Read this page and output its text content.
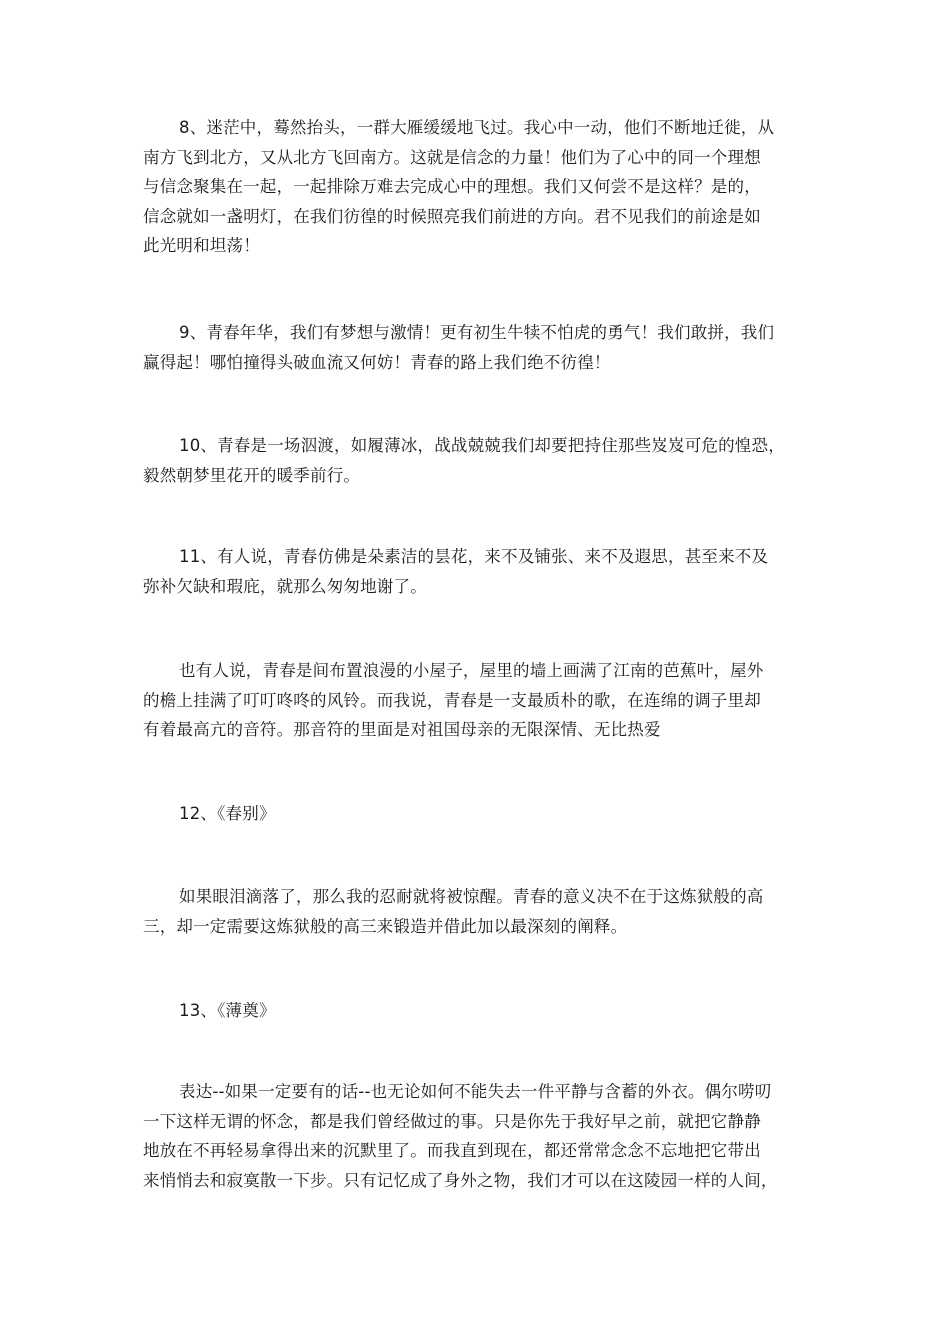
8、迷茫中，蓦然抬头，一群大雁缓缓地飞过。我心中一动，他们不断地迁徙，从
南方飞到北方，又从北方飞回南方。这就是信念的力量！他们为了心中的同一个理想
与信念聚集在一起，一起排除万难去完成心中的理想。我们又何尝不是这样？是的，
信念就如一盏明灯，在我们彷徨的时候照亮我们前进的方向。君不见我们的前途是如
此光明和坦荡！
9、青春年华，我们有梦想与激情！更有初生牛犊不怕虎的勇气！我们敢拼，我们
赢得起！哪怕撞得头破血流又何妨！青春的路上我们绝不彷徨！
10、青春是一场泅渡，如履薄冰，战战兢兢我们却要把持住那些岌岌可危的惶恐，
毅然朝梦里花开的暖季前行。
11、有人说，青春仿佛是朵素洁的昙花，来不及铺张、来不及遐思，甚至来不及
弥补欠缺和瑕庇，就那么匆匆地谢了。
也有人说，青春是间布置浪漫的小屋子，屋里的墙上画满了江南的芭蕉叶，屋外
的檐上挂满了叮叮咚咚的风铃。而我说，青春是一支最质朴的歌，在连绵的调子里却
有着最高亢的音符。那音符的里面是对祖国母亲的无限深情、无比热爱
12、《春别》
如果眼泪滴落了，那么我的忍耐就将被惊醒。青春的意义决不在于这炼狱般的高
三，却一定需要这炼狱般的高三来锻造并借此加以最深刻的阐释。
13、《薄奠》
表达--如果一定要有的话--也无论如何不能失去一件平静与含蓄的外衣。偶尔唠叨
一下这样无谓的怀念，都是我们曾经做过的事。只是你先于我好早之前，就把它静静
地放在不再轻易拿得出来的沉默里了。而我直到现在，都还常常念念不忘地把它带出
来悄悄去和寂寞散一下步。只有记忆成了身外之物，我们才可以在这陵园一样的人间，
